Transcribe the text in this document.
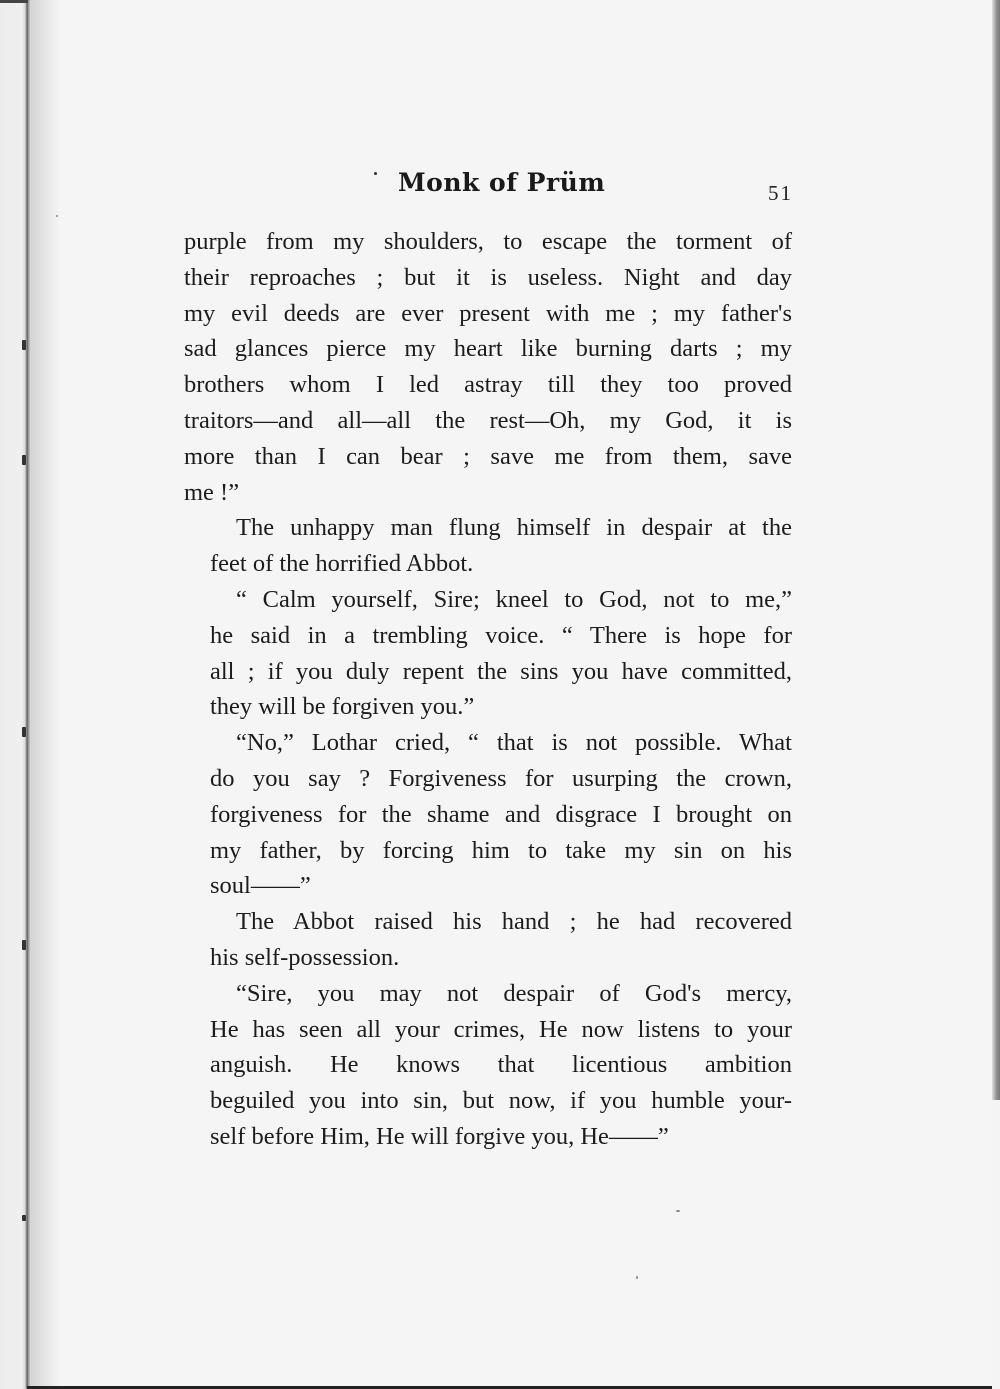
Monk of Prüm	51
purple from my shoulders, to escape the torment of
their reproaches ; but it is useless. Night and day
my evil deeds are ever present with me ; my father's
sad glances pierce my heart like burning darts ; my
brothers whom I led astray till they too proved
traitors—and all—all the rest—Oh, my God, it is
more than I can bear ; save me from them, save
me !”
The unhappy man flung himself in despair at the
feet of the horrified Abbot.
“ Calm yourself, Sire; kneel to God, not to me,”
he said in a trembling voice. “ There is hope for
all ; if you duly repent the sins you have committed,
they will be forgiven you.”
“No,” Lothar cried, “ that is not possible. What
do you say ? Forgiveness for usurping the crown,
forgiveness for the shame and disgrace I brought on
my father, by forcing him to take my sin on his
soul——”
The Abbot raised his hand ; he had recovered
his self-possession.
“Sire, you may not despair of God's mercy,
He has seen all your crimes, He now listens to your
anguish. He knows that licentious ambition
beguiled you into sin, but now, if you humble your-
self before Him, He will forgive you, He——”
